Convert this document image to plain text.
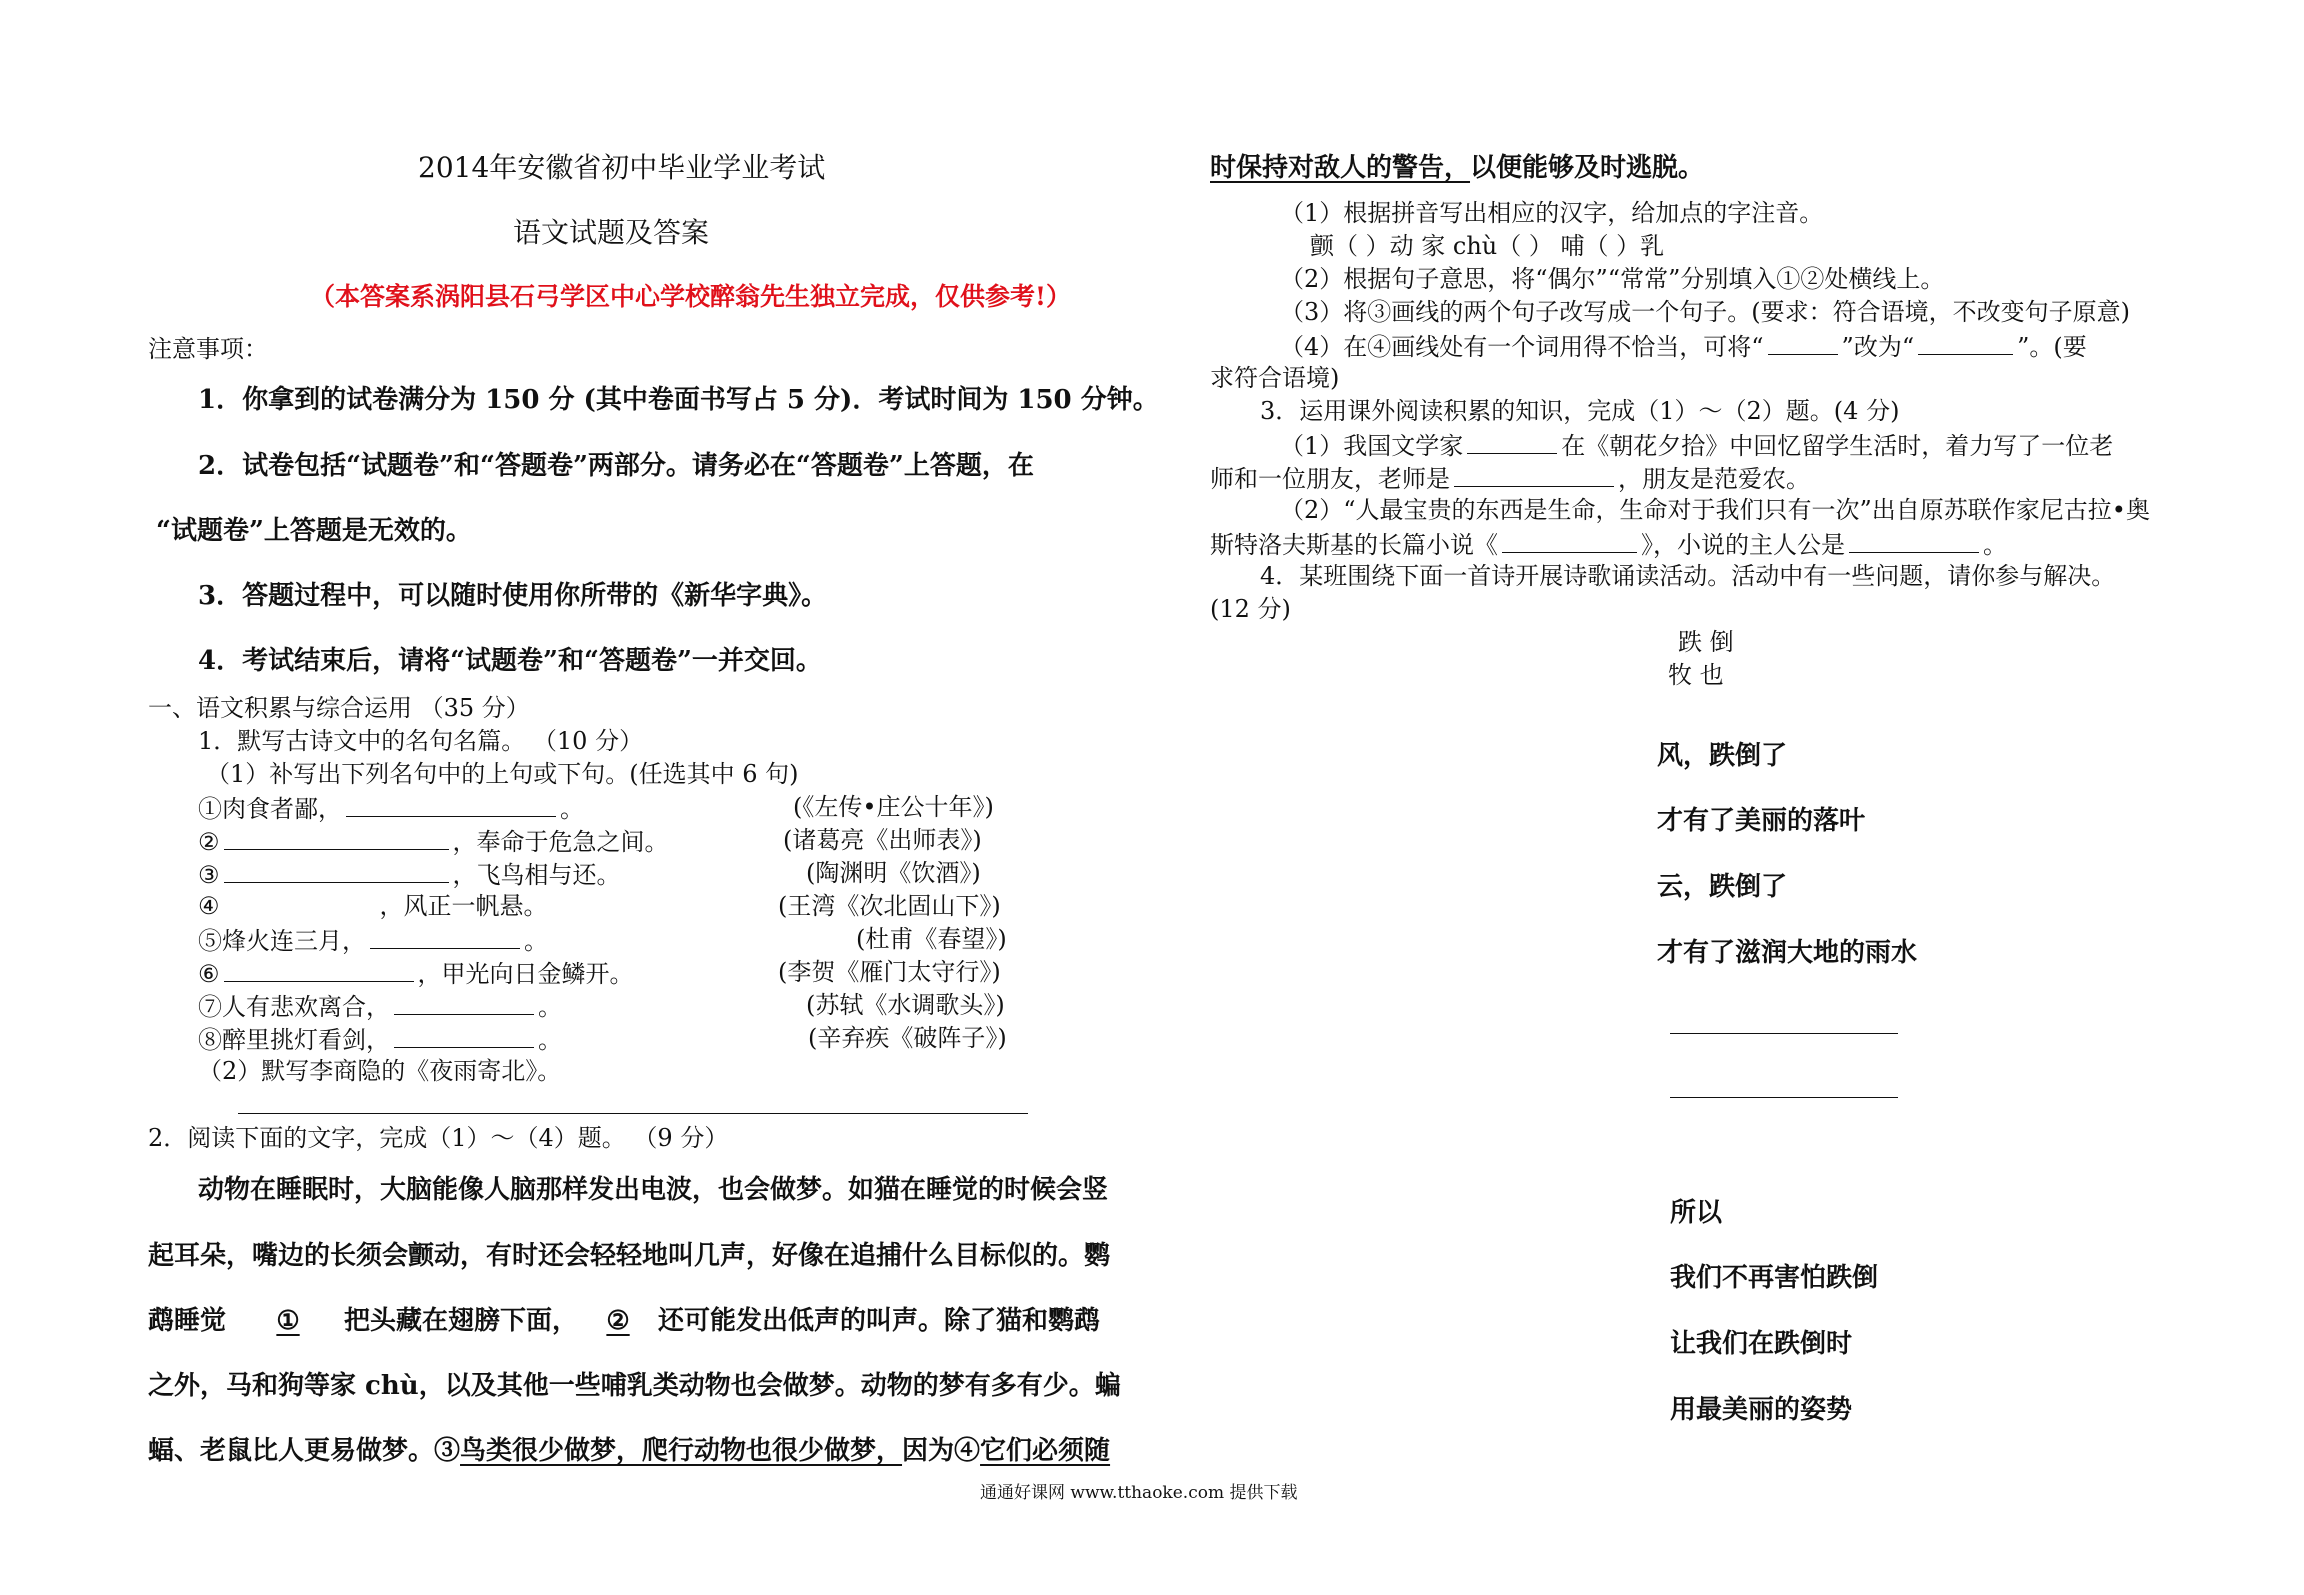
2014年安徽省初中毕业学业考试
语文试题及答案
（本答案系涡阳县石弓学区中心学校醉翁先生独立完成，仅供参考!）
注意事项：
1．你拿到的试卷满分为 150 分 (其中卷面书写占 5 分)．考试时间为 150 分钟。
2．试卷包括“试题卷”和“答题卷”两部分。请务必在“答题卷”上答题，在
“试题卷”上答题是无效的。
3．答题过程中，可以随时使用你所带的《新华字典》。
4．考试结束后，请将“试题卷”和“答题卷”一并交回。
一、语文积累与综合运用 （35 分）
1．默写古诗文中的名句名篇。 （10 分）
（1）补写出下列名句中的上句或下句。(任选其中 6 句)
①肉食者鄙，	。	(《左传•庄公十年》)
②	，奉命于危急之间。	(诸葛亮《出师表》)
③	，飞鸟相与还。	(陶渊明《饮酒》)
④	，风正一帆悬。	(王湾《次北固山下》)
⑤烽火连三月，	。	(杜甫《春望》)
⑥	，甲光向日金鳞开。	(李贺《雁门太守行》)
⑦人有悲欢离合，	。	(苏轼《水调歌头》)
⑧醉里挑灯看剑，	。	(辛弃疾《破阵子》)
（2）默写李商隐的《夜雨寄北》。
2．阅读下面的文字，完成（1）～（4）题。 （9 分）
动物在睡眠时，大脑能像人脑那样发出电波，也会做梦。如猫在睡觉的时候会竖
起耳朵，嘴边的长须会颤动，有时还会轻轻地叫几声，好像在追捕什么目标似的。鹦
鹉睡觉 ① 把头藏在翅膀下面， ② 还可能发出低声的叫声。除了猫和鹦鹉
之外，马和狗等家 chù，以及其他一些哺乳类动物也会做梦。动物的梦有多有少。蝙
蝠、老鼠比人更易做梦。③鸟类很少做梦，爬行动物也很少做梦，因为④它们必须随
时保持对敌人的警告，以便能够及时逃脱。
（1）根据拼音写出相应的汉字，给加点的字注音。
颤（ ）动 家 chù（ ） 哺（ ）乳
（2）根据句子意思，将“偶尔”“常常”分别填入①②处横线上。
（3）将③画线的两个句子改写成一个句子。(要求：符合语境，不改变句子原意)
（4）在④画线处有一个词用得不恰当，可将“	”改为“	”。(要
求符合语境)
3．运用课外阅读积累的知识，完成（1）～（2）题。(4 分)
（1）我国文学家	在《朝花夕拾》中回忆留学生活时，着力写了一位老
师和一位朋友，老师是	，朋友是范爱农。
（2）“人最宝贵的东西是生命，生命对于我们只有一次”出自原苏联作家尼古拉•奥
斯特洛夫斯基的长篇小说《	》，小说的主人公是	。
4．某班围绕下面一首诗开展诗歌诵读活动。活动中有一些问题，请你参与解决。
(12 分)
跌 倒
牧 也
风，跌倒了
才有了美丽的落叶
云，跌倒了
才有了滋润大地的雨水
所以
我们不再害怕跌倒
让我们在跌倒时
用最美丽的姿势
通通好课网 www.tthaoke.com 提供下载
